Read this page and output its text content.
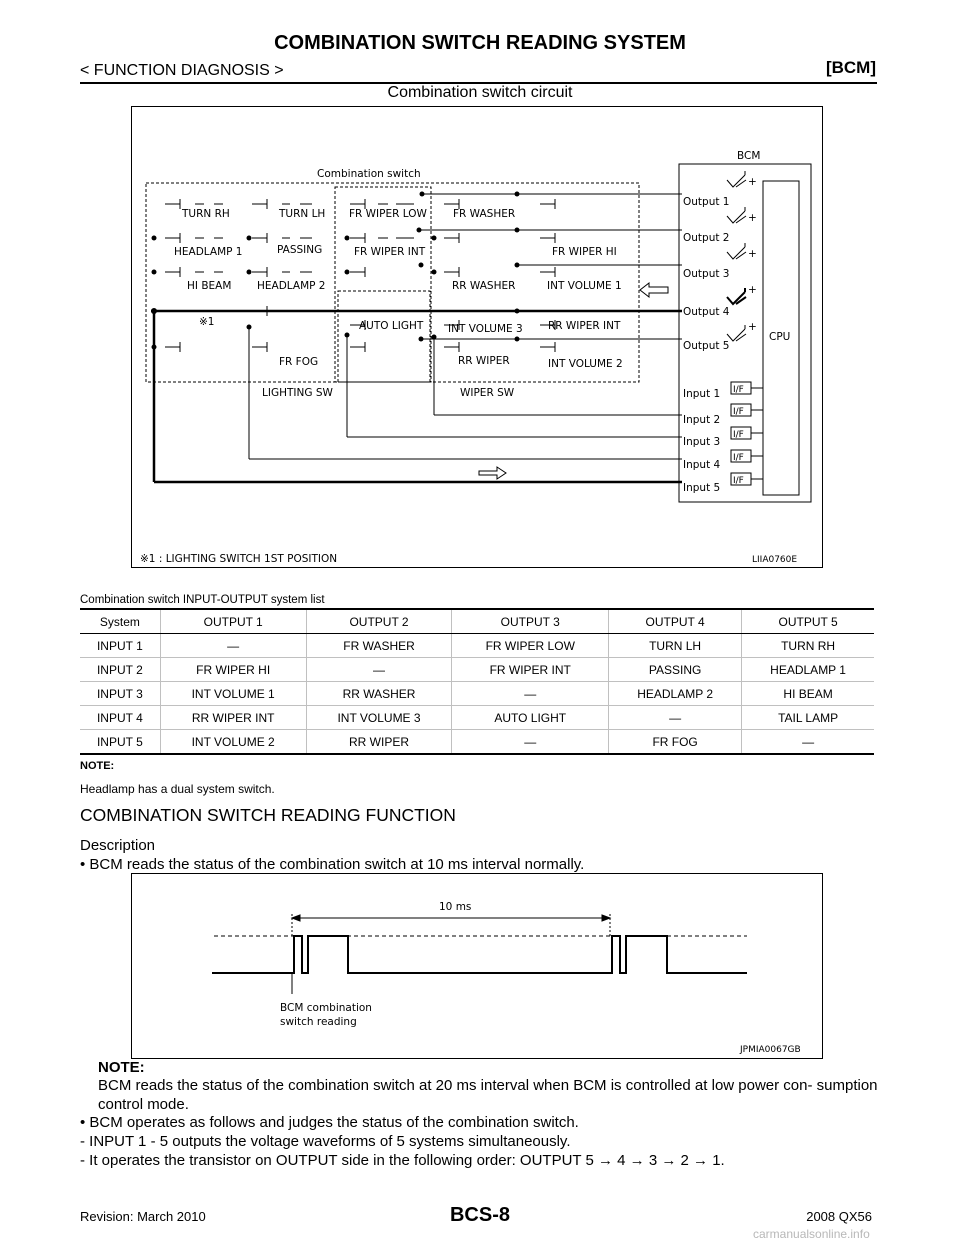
COMBINATION SWITCH READING SYSTEM
< FUNCTION DIAGNOSIS >	[BCM]
Combination switch circuit
Combination switch
BCM
CPU
TURN RH	TURN LH FR WIPER LOW FR WASHER
HEADLAMP 1	PASSING	FR WIPER INT	FR WIPER HI
HI BEAM HEADLAMP 2	RR WASHER	INT VOLUME 1
※1	AUTO LIGHT INT VOLUME 3 RR WIPER INT
FR FOG	RR WIPER	INT VOLUME 2
LIGHTING SW	WIPER SW
Output 1
Output 2
Output 3
Output 4
Output 5
Input 1
Input 2
Input 3
Input 4
Input 5
I/F
I/F
I/F
I/F
I/F
+
+
+
+
+
※1 : LIGHTING SWITCH 1ST POSITION	LIIA0760E
Combination switch INPUT-OUTPUT system list
System	OUTPUT 1	OUTPUT 2	OUTPUT 3	OUTPUT 4	OUTPUT 5
INPUT 1	—	FR WASHER	FR WIPER LOW	TURN LH	TURN RH
INPUT 2	FR WIPER HI	—	FR WIPER INT	PASSING	HEADLAMP 1
INPUT 3	INT VOLUME 1	RR WASHER	—	HEADLAMP 2	HI BEAM
INPUT 4	RR WIPER INT	INT VOLUME 3	AUTO LIGHT	—	TAIL LAMP
INPUT 5	INT VOLUME 2	RR WIPER	—	FR FOG	—
NOTE:
Headlamp has a dual system switch.
COMBINATION SWITCH READING FUNCTION
Description
• BCM reads the status of the combination switch at 10 ms interval normally.
10 ms
BCM combination
switch reading
JPMIA0067GB
NOTE:
BCM reads the status of the combination switch at 20 ms interval when BCM is controlled at low power con- sumption control mode.
• BCM operates as follows and judges the status of the combination switch.
- INPUT 1 - 5 outputs the voltage waveforms of 5 systems simultaneously.
- It operates the transistor on OUTPUT side in the following order: OUTPUT 5 → 4 → 3 → 2 → 1.
Revision: March 2010	BCS-8	2008 QX56
carmanualsonline.info
